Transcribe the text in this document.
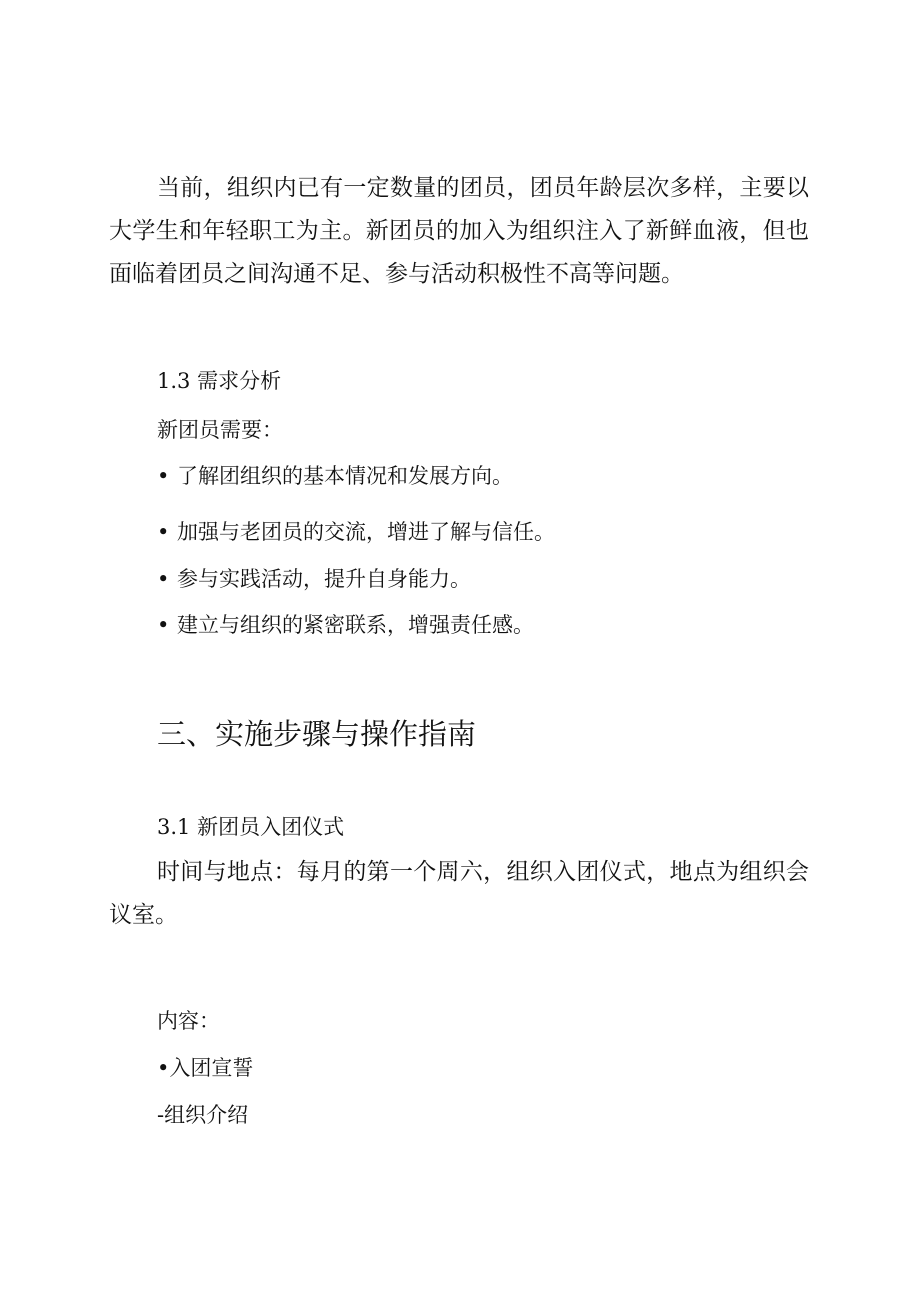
当前，组织内已有一定数量的团员，团员年龄层次多样，主要以大学生和年轻职工为主。新团员的加入为组织注入了新鲜血液，但也面临着团员之间沟通不足、参与活动积极性不高等问题。

1.3 需求分析

新团员需要：

• 了解团组织的基本情况和发展方向。

• 加强与老团员的交流，增进了解与信任。

• 参与实践活动，提升自身能力。

• 建立与组织的紧密联系，增强责任感。

三、实施步骤与操作指南

3.1 新团员入团仪式

时间与地点：每月的第一个周六，组织入团仪式，地点为组织会议室。

内容：

•入团宣誓

-组织介绍
